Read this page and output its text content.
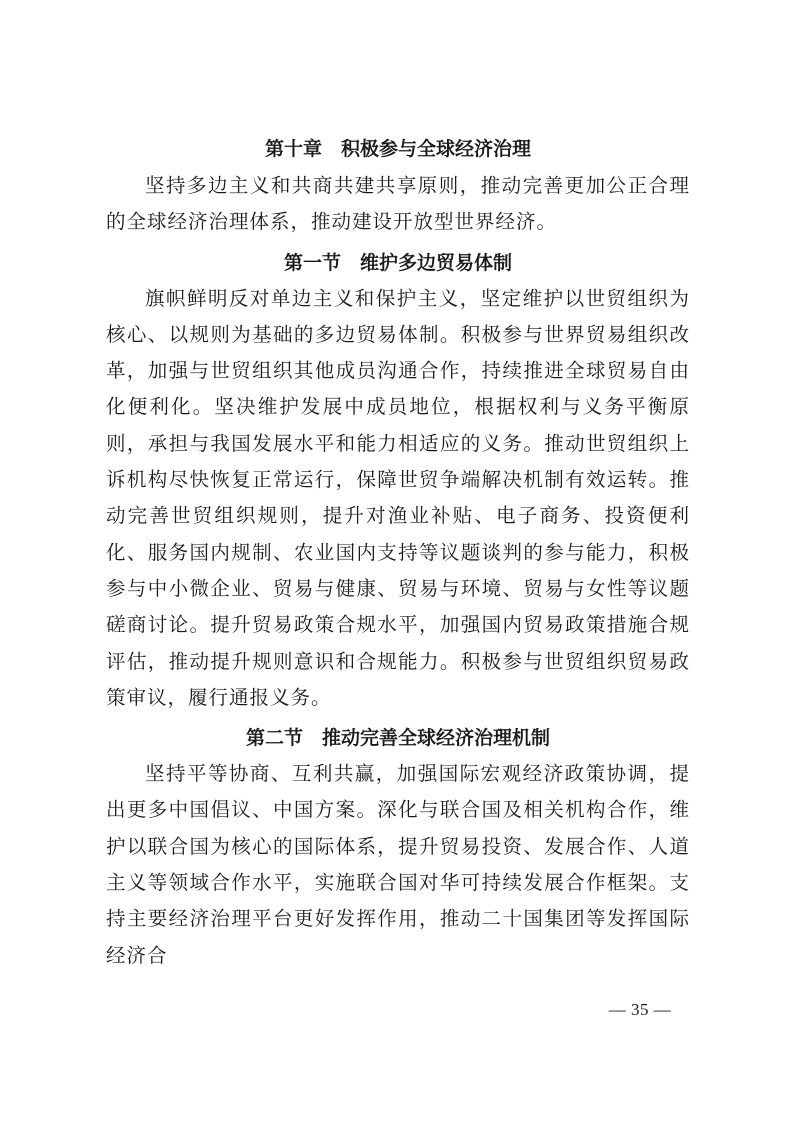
第十章　积极参与全球经济治理

坚持多边主义和共商共建共享原则，推动完善更加公正合理的全球经济治理体系，推动建设开放型世界经济。

第一节　维护多边贸易体制

旗帜鲜明反对单边主义和保护主义，坚定维护以世贸组织为核心、以规则为基础的多边贸易体制。积极参与世界贸易组织改革，加强与世贸组织其他成员沟通合作，持续推进全球贸易自由化便利化。坚决维护发展中成员地位，根据权利与义务平衡原则，承担与我国发展水平和能力相适应的义务。推动世贸组织上诉机构尽快恢复正常运行，保障世贸争端解决机制有效运转。推动完善世贸组织规则，提升对渔业补贴、电子商务、投资便利化、服务国内规制、农业国内支持等议题谈判的参与能力，积极参与中小微企业、贸易与健康、贸易与环境、贸易与女性等议题磋商讨论。提升贸易政策合规水平，加强国内贸易政策措施合规评估，推动提升规则意识和合规能力。积极参与世贸组织贸易政策审议，履行通报义务。

第二节　推动完善全球经济治理机制

坚持平等协商、互利共赢，加强国际宏观经济政策协调，提出更多中国倡议、中国方案。深化与联合国及相关机构合作，维护以联合国为核心的国际体系，提升贸易投资、发展合作、人道主义等领域合作水平，实施联合国对华可持续发展合作框架。支持主要经济治理平台更好发挥作用，推动二十国集团等发挥国际经济合

— 35 —
